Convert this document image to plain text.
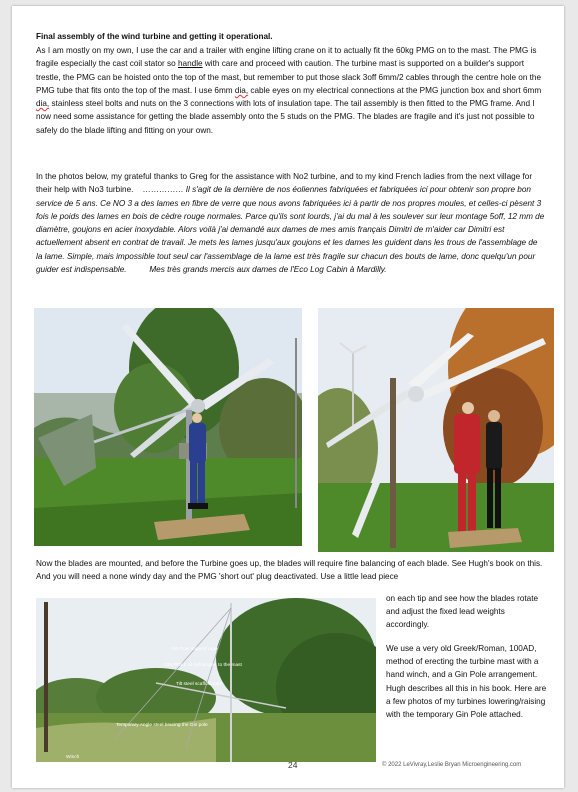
Final assembly of the wind turbine and getting it operational.

As I am mostly on my own, I use the car and a trailer with engine lifting crane on it to actually fit the 60kg PMG on to the mast. The PMG is fragile especially the cast coil stator so handle with care and proceed with caution. The turbine mast is supported on a builder's support trestle, the PMG can be hoisted onto the top of the mast, but remember to put those slack 3off 6mm/2 cables through the centre hole on the PMG tube that fits onto the top of the mast. I use 6mm dia, cable eyes on my electrical connections at the PMG junction box and short 6mm dia, stainless steel bolts and nuts on the 3 connections with lots of insulation tape. The tail assembly is then fitted to the PMG frame. And I now need some assistance for getting the blade assembly onto the 5 studs on the PMG. The blades are fragile and it's just not possible to safely do the blade lifting and fitting on your own.

In the photos below, my grateful thanks to Greg for the assistance with No2 turbine, and to my kind French ladies from the next village for their help with No3 turbine.    …………… Il s'agit de la dernière de nos éoliennes fabriquées et fabriquées ici pour obtenir son propre bon service de 5 ans. Ce NO 3 a des lames en fibre de verre que nous avons fabriquées ici à partir de nos propres moules, et celles-ci pèsent 3 fois le poids des lames en bois de cèdre rouge normales. Parce qu'ils sont lourds, j'ai du mal à les soulever sur leur montage 5off, 12 mm de diamètre, goujons en acier inoxydable. Alors voilà j'ai demandé aux dames de mes amis français Dimitri de m'aider car Dimitri est actuellement absent en contrat de travail. Je mets les lames jusqu'aux goujons et les dames les guident dans les trous de l'assemblage de la lame. Simple, mais impossible tout seul car l'assemblage de la lame est très fragile sur chacun des bouts de lame, donc quelqu'un pour guider est indispensable.          Mes très grands mercis aux dames de l'Eco Log Cabin à Mardilly.

Now the blades are mounted, and before the Turbine goes up, the blades will require fine balancing of each blade. See Hugh's book on this. And you will need a none windy day and the PMG 'short out' plug deactivated. Use a little lead piece

Gin Pole support rope
GIN POLE at rightangles to the mast
Tilt steel scaffold tube
Temporary Angle steel bracing the Gin pole
Winch

on each tip and see how the blades rotate and adjust the fixed lead weights accordingly.

We use a very old Greek/Roman, 100AD, method of erecting the turbine mast with a hand winch, and a Gin Pole arrangement. Hugh describes all this in his book. Here are a few photos of my turbines lowering/raising with the temporary Gin Pole attached.

24	© 2022 LeVivray,Leslie Bryan Microengineering.com
